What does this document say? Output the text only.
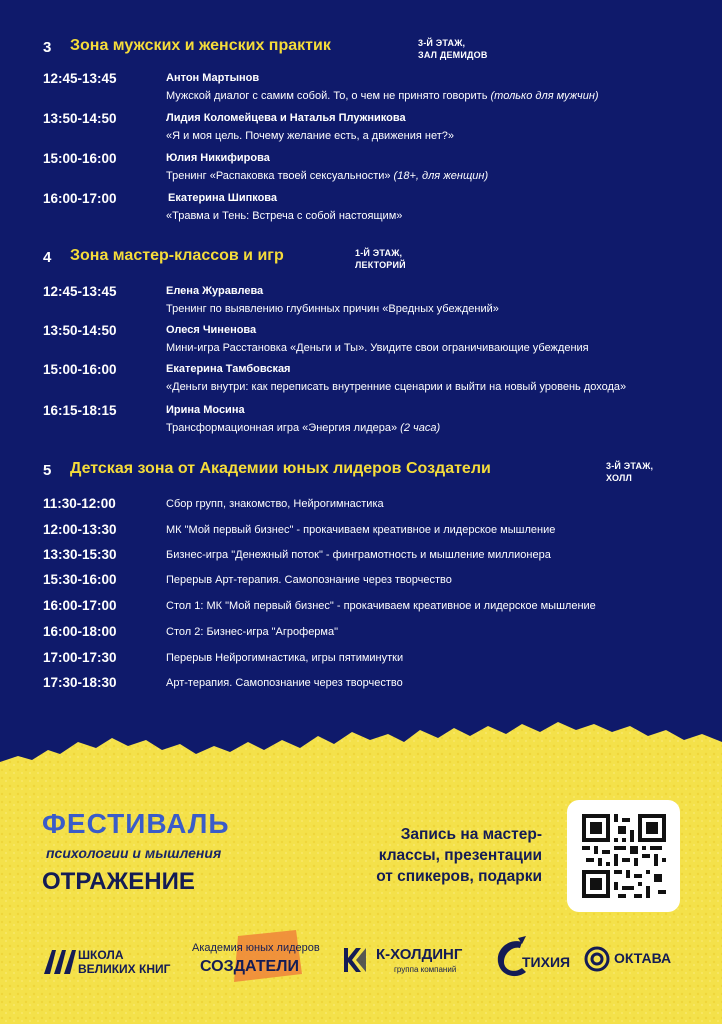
3 Зона мужских и женских практик	3-Й ЭТАЖ,
ЗАЛ ДЕМИДОВ
12:45-13:45	Антон Мартынов
Мужской диалог с самим собой. То, о чем не принято говорить (только для мужчин)
13:50-14:50	Лидия Коломейцева и Наталья Плужникова
«Я и моя цель. Почему желание есть, а движения нет?»
15:00-16:00	Юлия Никифирова
Тренинг «Распаковка твоей сексуальности» (18+, для женщин)
16:00-17:00	Екатерина Шипкова
«Травма и Тень: Встреча с собой настоящим»
4 Зона мастер-классов и игр	1-Й ЭТАЖ,
ЛЕКТОРИЙ
12:45-13:45	Елена Журавлева
Тренинг по выявлению глубинных причин «Вредных убеждений»
13:50-14:50	Олеся Чиненова
Мини-игра Расстановка «Деньги и Ты». Увидите свои ограничивающие убеждения
15:00-16:00	Екатерина Тамбовская
«Деньги внутри: как переписать внутренние сценарии и выйти на новый уровень дохода»
16:15-18:15	Ирина Мосина
Трансформационная игра «Энергия лидера» (2 часа)
5 Детская зона от Академии юных лидеров Создатели	3-Й ЭТАЖ,
ХОЛЛ
11:30-12:00	Сбор групп, знакомство, Нейрогимнастика
12:00-13:30	МК "Мой первый бизнес" - прокачиваем креативное и лидерское мышление
13:30-15:30	Бизнес-игра "Денежный поток" - финграмотность и мышление миллионера
15:30-16:00	Перерыв Арт-терапия. Самопознание через творчество
16:00-17:00	Стол 1: МК "Мой первый бизнес" - прокачиваем креативное и лидерское мышление
16:00-18:00	Стол 2: Бизнес-игра "Агроферма"
17:00-17:30	Перерыв Нейрогимнастика, игры пятиминутки
17:30-18:30	Арт-терапия. Самопознание через творчество
ФЕСТИВАЛЬ
психологии и мышления
ОТРАЖЕНИЕ
Запись на мастер-
классы, презентации
от спикеров, подарки
ШКОЛА
ВЕЛИКИХ КНИГ
Академия юных лидеров
СОЗДАТЕЛИ
К-ХОЛДИНГ
группа компаний	ТИХИЯ	ОКТАВА
